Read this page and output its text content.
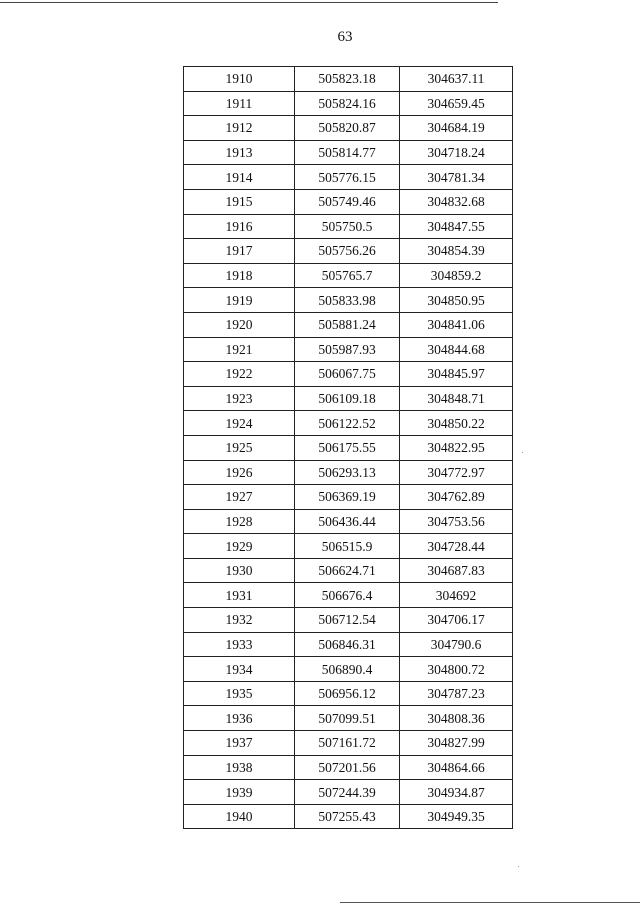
63
1910	505823.18	304637.11
1911	505824.16	304659.45
1912	505820.87	304684.19
1913	505814.77	304718.24
1914	505776.15	304781.34
1915	505749.46	304832.68
1916	505750.5	304847.55
1917	505756.26	304854.39
1918	505765.7	304859.2
1919	505833.98	304850.95
1920	505881.24	304841.06
1921	505987.93	304844.68
1922	506067.75	304845.97
1923	506109.18	304848.71
1924	506122.52	304850.22
1925	506175.55	304822.95
1926	506293.13	304772.97
1927	506369.19	304762.89
1928	506436.44	304753.56
1929	506515.9	304728.44
1930	506624.71	304687.83
1931	506676.4	304692
1932	506712.54	304706.17
1933	506846.31	304790.6
1934	506890.4	304800.72
1935	506956.12	304787.23
1936	507099.51	304808.36
1937	507161.72	304827.99
1938	507201.56	304864.66
1939	507244.39	304934.87
1940	507255.43	304949.35
